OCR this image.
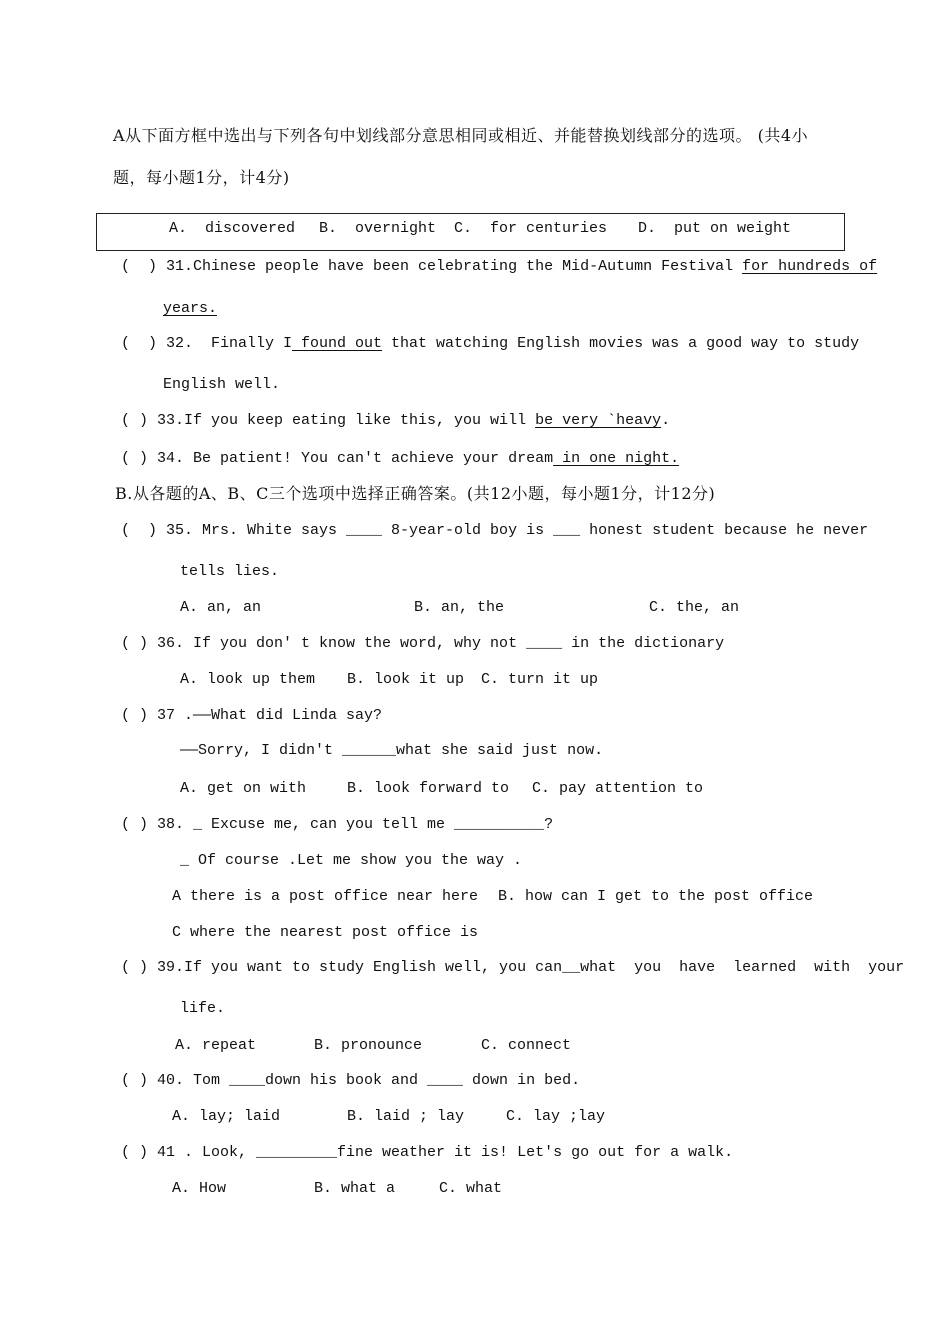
A从下面方框中选出与下列各句中划线部分意思相同或相近、并能替换划线部分的选项。 (共4小
题，每小题1分，计4分)
A.  discovered B.  overnight C.  for centuries D.  put on weight
(  ) 31.Chinese people have been celebrating the Mid-Autumn Festival for hundreds of
years.
(  ) 32.  Finally I found out that watching English movies was a good way to study
English well.
( ) 33.If you keep eating like this, you will be very `heavy.
( ) 34. Be patient! You can't achieve your dream in one night.
B.从各题的A、B、C三个选项中选择正确答案。(共12小题，每小题1分，计12分)
(  ) 35. Mrs. White says ____ 8-year-old boy is ___ honest student because he never
tells lies.
A. an, an	B. an, the	C. the, an
( ) 36. If you don' t know the word, why not ____ in the dictionary
A. look up them B. look it up C. turn it up
( ) 37 .——What did Linda say?
——Sorry, I didn't ______what she said just now.
A. get on with	B. look forward to C. pay attention to
( ) 38. _ Excuse me, can you tell me __________?
_ Of course .Let me show you the way .
A there is a post office near here B. how can I get to the post office
C where the nearest post office is
( ) 39.If you want to study English well, you can__what  you  have  learned  with  your
life.
A. repeat	B. pronounce	C. connect
( ) 40. Tom ____down his book and ____ down in bed.
A. lay; laid	B. laid ; lay	C. lay ;lay
( ) 41 . Look, _________fine weather it is! Let's go out for a walk.
A. How	B. what a	C. what
